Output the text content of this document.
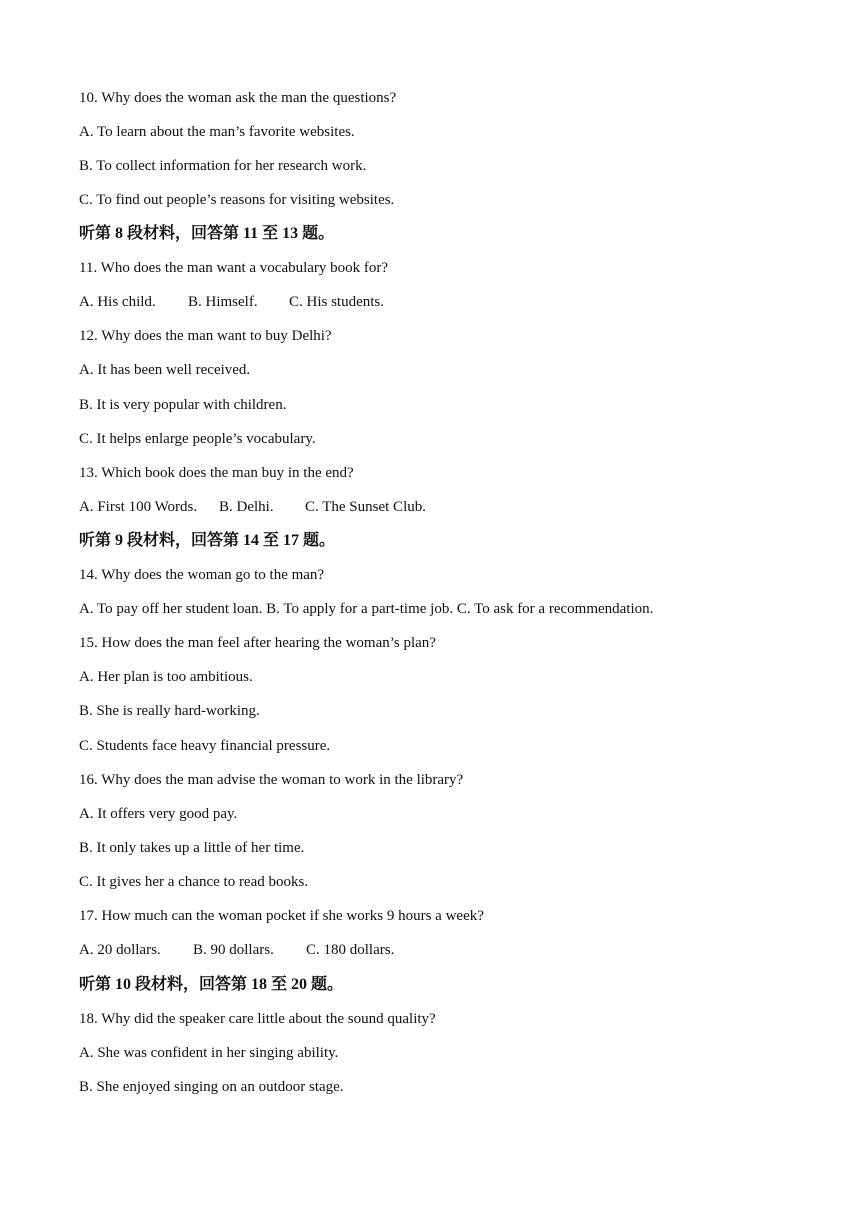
10. Why does the woman ask the man the questions?
A. To learn about the man’s favorite websites.
B. To collect information for her research work.
C. To find out people’s reasons for visiting websites.
听第 8 段材料，回答第 11 至 13 题。
11. Who does the man want a vocabulary book for?
A. His child. B. Himself. C. His students.
12. Why does the man want to buy Delhi?
A. It has been well received.
B. It is very popular with children.
C. It helps enlarge people’s vocabulary.
13. Which book does the man buy in the end?
A. First 100 Words. B. Delhi. C. The Sunset Club.
听第 9 段材料，回答第 14 至 17 题。
14. Why does the woman go to the man?
A. To pay off her student loan. B. To apply for a part-time job. C. To ask for a recommendation.
15. How does the man feel after hearing the woman’s plan?
A. Her plan is too ambitious.
B. She is really hard-working.
C. Students face heavy financial pressure.
16. Why does the man advise the woman to work in the library?
A. It offers very good pay.
B. It only takes up a little of her time.
C. It gives her a chance to read books.
17. How much can the woman pocket if she works 9 hours a week?
A. 20 dollars. B. 90 dollars. C. 180 dollars.
听第 10 段材料，回答第 18 至 20 题。
18. Why did the speaker care little about the sound quality?
A. She was confident in her singing ability.
B. She enjoyed singing on an outdoor stage.
